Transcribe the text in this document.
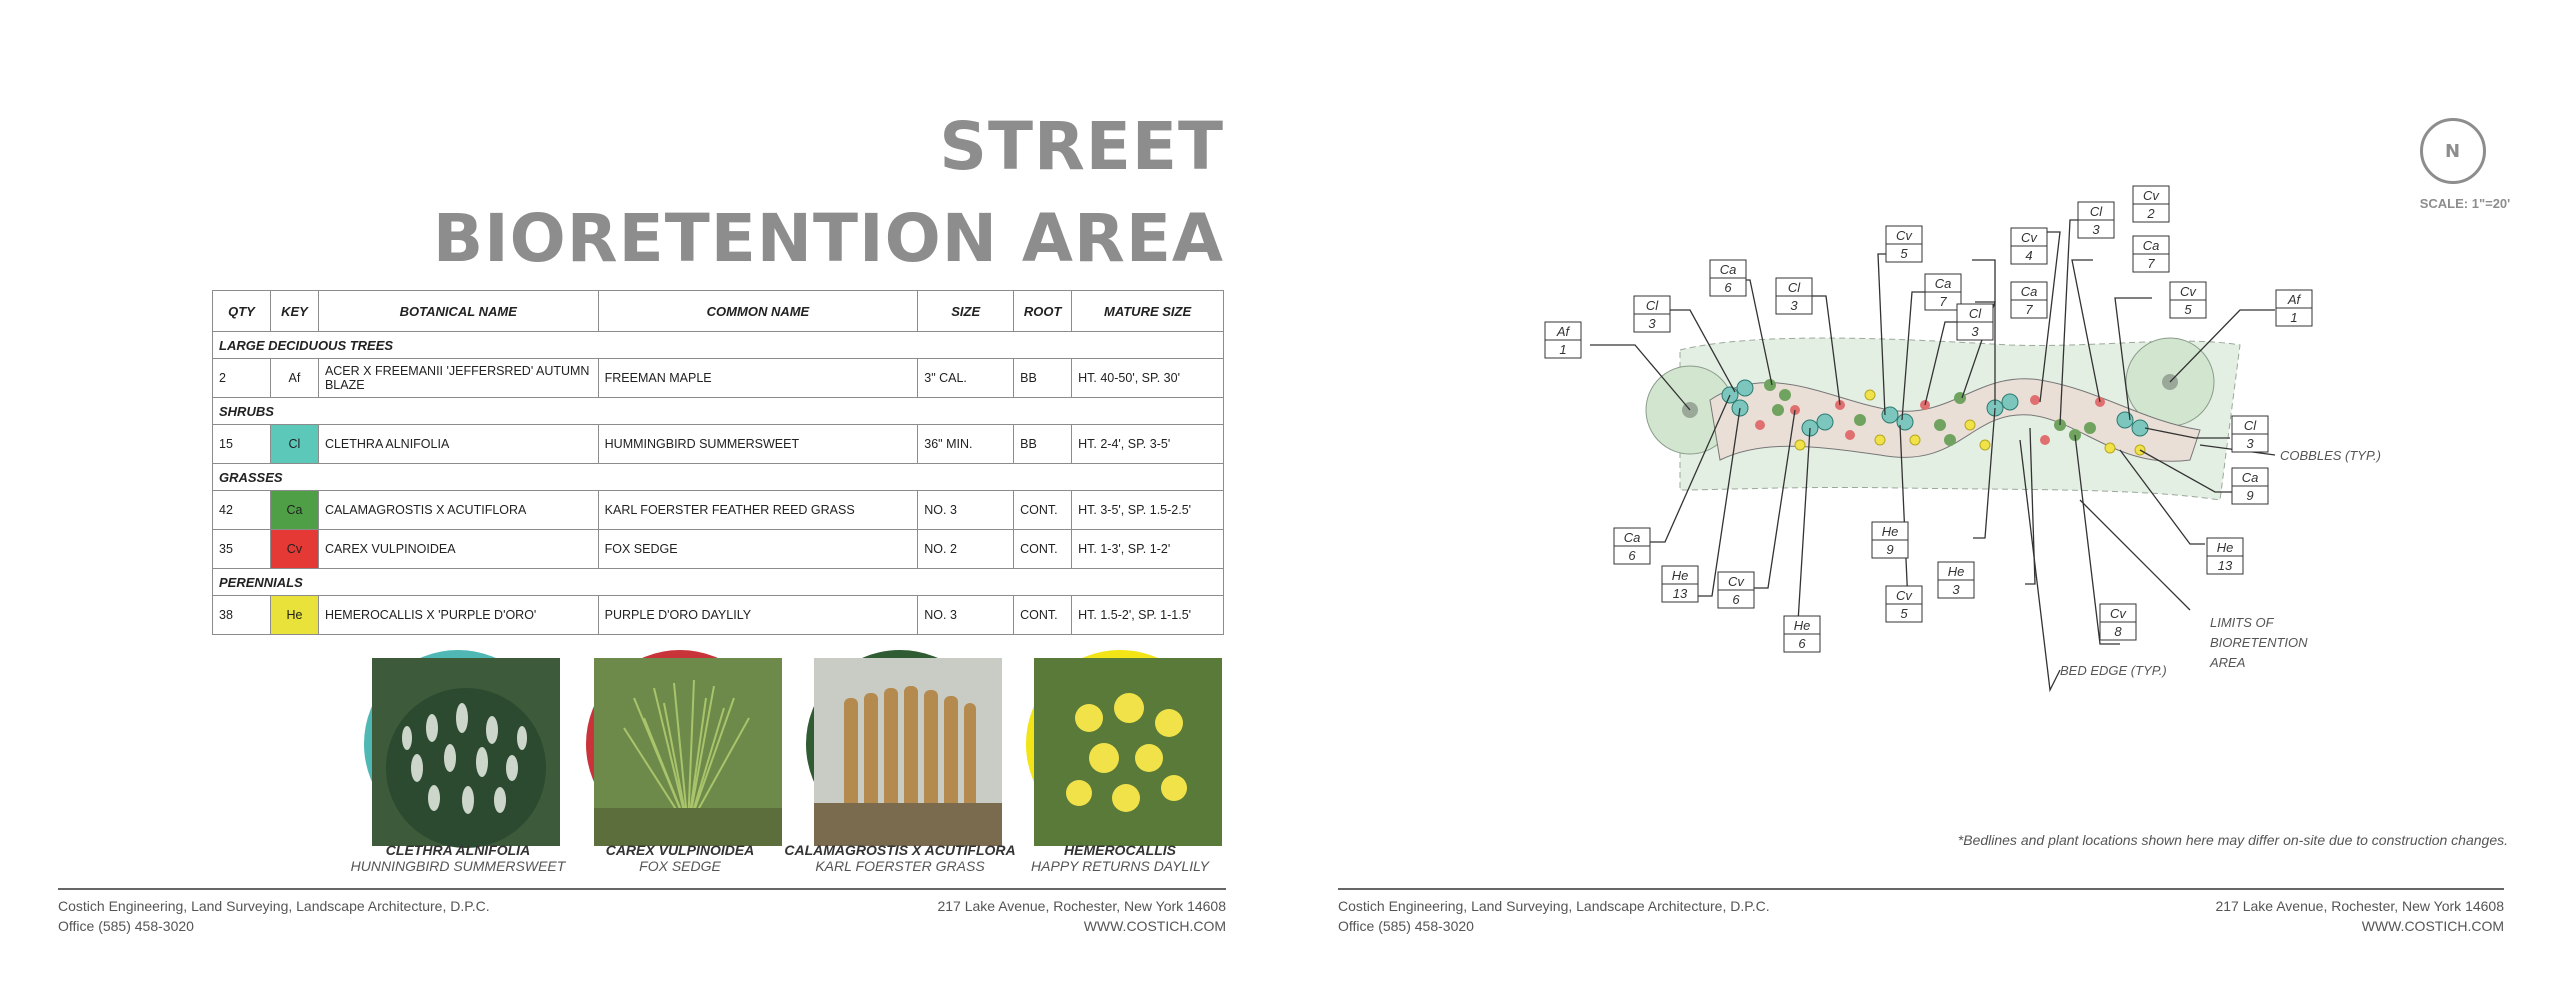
STREET
BIORETENTION AREA
QTY	KEY	BOTANICAL NAME	COMMON NAME	SIZE	ROOT	MATURE SIZE
LARGE DECIDUOUS TREES						
2	Af	ACER X FREEMANII 'JEFFERSRED' AUTUMN BLAZE	FREEMAN MAPLE	3" CAL.	BB	HT. 40-50', SP. 30'
SHRUBS						
15	Cl	CLETHRA ALNIFOLIA	HUMMINGBIRD SUMMERSWEET	36" MIN.	BB	HT. 2-4', SP. 3-5'
GRASSES						
42	Ca	CALAMAGROSTIS X ACUTIFLORA	KARL FOERSTER FEATHER REED GRASS	NO. 3	CONT.	HT. 3-5', SP. 1.5-2.5'
35	Cv	CAREX VULPINOIDEA	FOX SEDGE	NO. 2	CONT.	HT. 1-3', SP. 1-2'
PERENNIALS						
38	He	HEMEROCALLIS X 'PURPLE D'ORO'	PURPLE D'ORO DAYLILY	NO. 3	CONT.	HT. 1.5-2', SP. 1-1.5'
CLETHRA ALNIFOLIA
HUNNINGBIRD SUMMERSWEET
CAREX VULPINOIDEA
FOX SEDGE
CALAMAGROSTIS X ACUTIFLORA
KARL FOERSTER GRASS
HEMEROCALLIS
HAPPY RETURNS DAYLILY
Costich Engineering, Land Surveying, Landscape Architecture, D.P.C.
Office (585) 458-3020
217 Lake Avenue, Rochester, New York 14608
WWW.COSTICH.COM
N
SCALE: 1"=20'
Af
1
Cl
3
Ca
6	Cl
3
Cv
5
Ca
7
Cl
3
Cv
4
Ca
7
Cl
3
Cv
2
Ca
7
Cv
5
Af
1
Cl
3
Ca
9
He
13
Cv
8
He
3
He
9
Cv
5
He
6
Cv
6
He
13
Ca
6
COBBLES (TYP.)
LIMITS OF
BIORETENTION
AREA
BED EDGE (TYP.)
*Bedlines and plant locations shown here may differ on-site due to construction changes.
Costich Engineering, Land Surveying, Landscape Architecture, D.P.C.
Office (585) 458-3020
217 Lake Avenue, Rochester, New York 14608
WWW.COSTICH.COM
